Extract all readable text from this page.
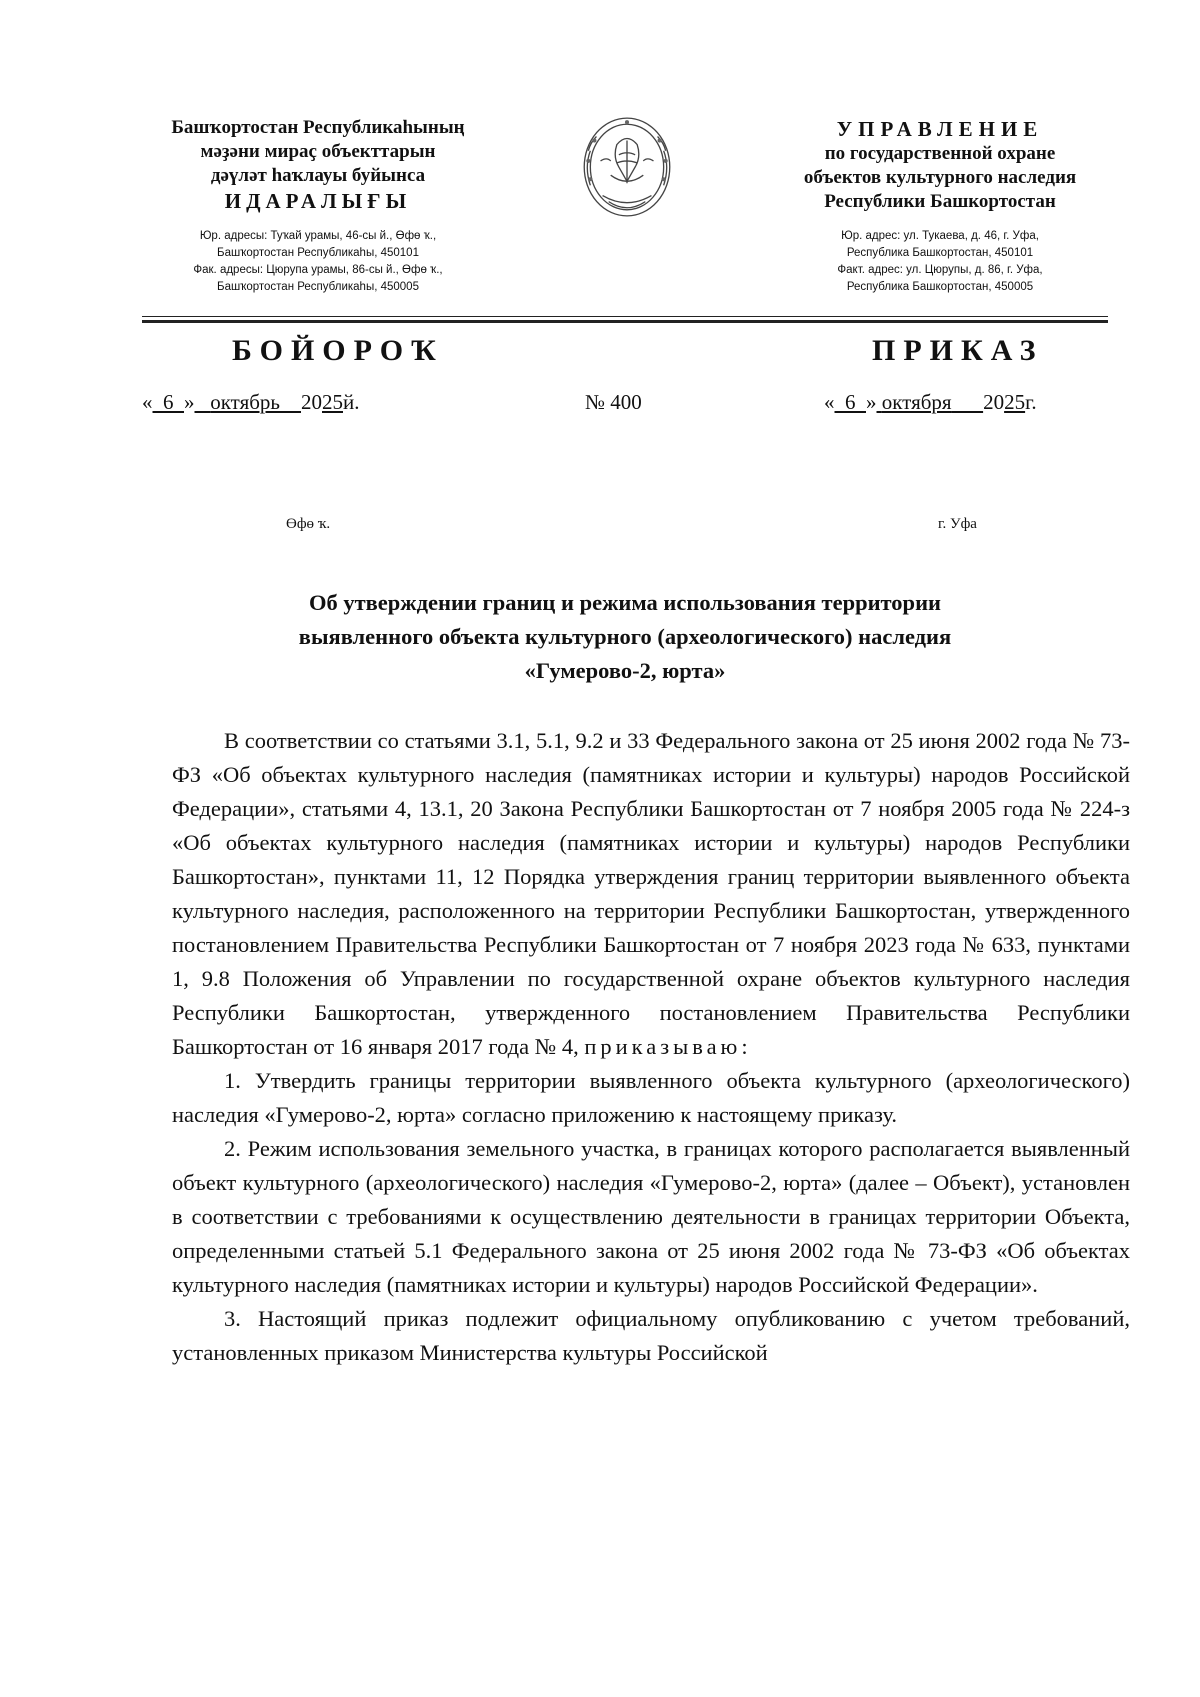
Башҡортостан Республикаһының
мәҙәни мираҫ объекттарын
дәүләт һаҡлауы буйынса
ИДАРАЛЫҒЫ
Юр. адресы: Туҡай урамы, 46-сы й., Өфө ҡ.,
Башҡортостан Республикаһы, 450101
Фак. адресы: Цюрупа урамы, 86-сы й., Өфө ҡ.,
Башҡортостан Республикаһы, 450005
УПРАВЛЕНИЕ
по государственной охране
объектов культурного наследия
Республики Башкортостан
Юр. адрес: ул. Тукаева, д. 46, г. Уфа,
Республика Башкортостан, 450101
Факт. адрес: ул. Цюрупы, д. 86, г. Уфа,
Республика Башкортостан, 450005
БОЙОРОҠ	ПРИКАЗ
« 6 » октябрь 2025й.	№ 400	« 6 » октября 2025г.
Өфө ҡ.	г. Уфа
Об утверждении границ и режима использования территории
выявленного объекта культурного (археологического) наследия
«Гумерово-2, юрта»

В соответствии со статьями 3.1, 5.1, 9.2 и 33 Федерального закона от 25 июня 2002 года № 73-ФЗ «Об объектах культурного наследия (памятниках истории и культуры) народов Российской Федерации», статьями 4, 13.1, 20 Закона Республики Башкортостан от 7 ноября 2005 года № 224-з «Об объектах культурного наследия (памятниках истории и культуры) народов Республики Башкортостан», пунктами 11, 12 Порядка утверждения границ территории выявленного объекта культурного наследия, расположенного на территории Республики Башкортостан, утвержденного постановлением Правительства Республики Башкортостан от 7 ноября 2023 года № 633, пунктами 1, 9.8 Положения об Управлении по государственной охране объектов культурного наследия Республики Башкортостан, утвержденного постановлением Правительства Республики Башкортостан от 16 января 2017 года № 4, приказываю:

1. Утвердить границы территории выявленного объекта культурного (археологического) наследия «Гумерово-2, юрта» согласно приложению к настоящему приказу.

2. Режим использования земельного участка, в границах которого располагается выявленный объект культурного (археологического) наследия «Гумерово-2, юрта» (далее – Объект), установлен в соответствии с требованиями к осуществлению деятельности в границах территории Объекта, определенными статьей 5.1 Федерального закона от 25 июня 2002 года № 73-ФЗ «Об объектах культурного наследия (памятниках истории и культуры) народов Российской Федерации».

3. Настоящий приказ подлежит официальному опубликованию с учетом требований, установленных приказом Министерства культуры Российской
